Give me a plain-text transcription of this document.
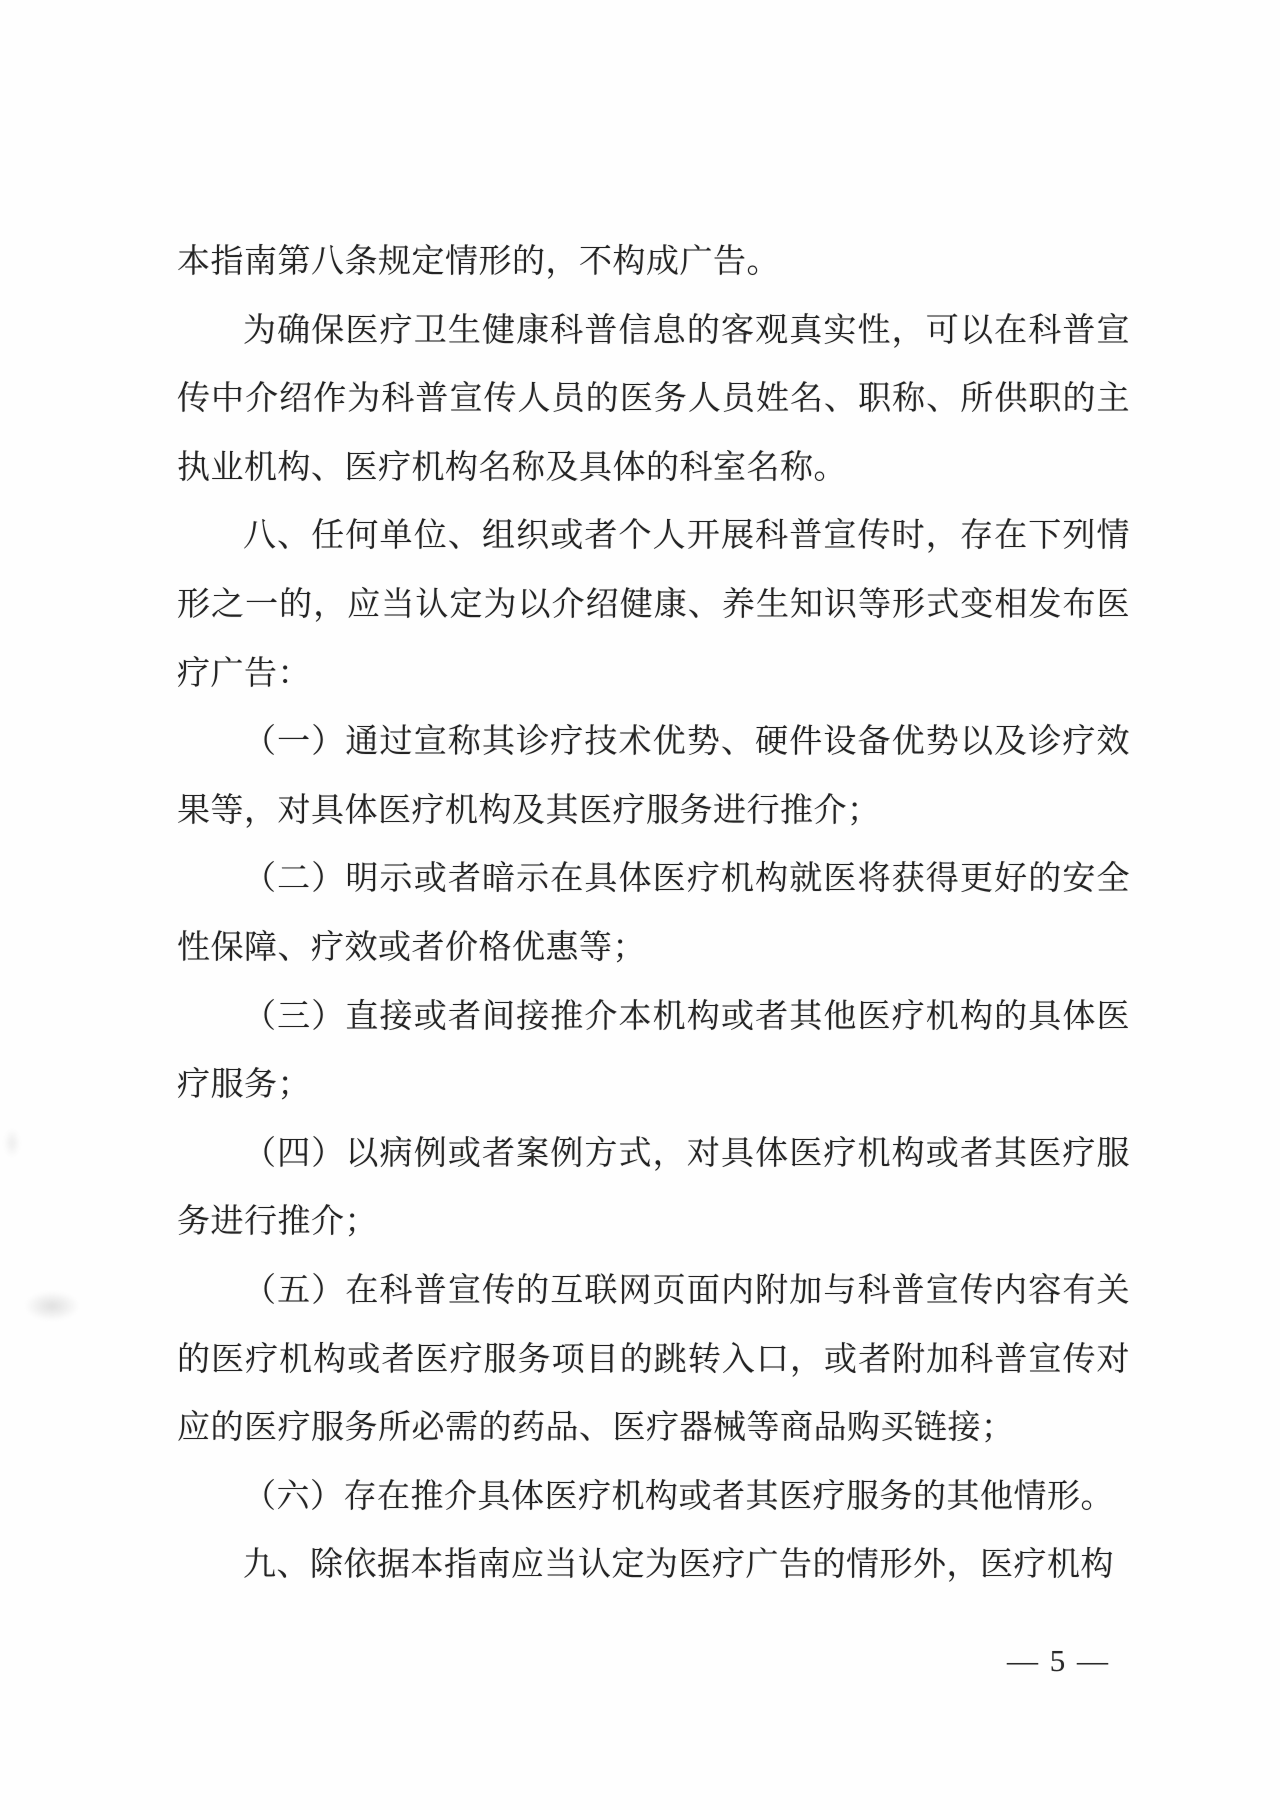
本指南第八条规定情形的，不构成广告。
为确保医疗卫生健康科普信息的客观真实性，可以在科普宣
传中介绍作为科普宣传人员的医务人员姓名、职称、所供职的主
执业机构、医疗机构名称及具体的科室名称。
八、任何单位、组织或者个人开展科普宣传时，存在下列情
形之一的，应当认定为以介绍健康、养生知识等形式变相发布医
疗广告：
（一）通过宣称其诊疗技术优势、硬件设备优势以及诊疗效
果等，对具体医疗机构及其医疗服务进行推介；
（二）明示或者暗示在具体医疗机构就医将获得更好的安全
性保障、疗效或者价格优惠等；
（三）直接或者间接推介本机构或者其他医疗机构的具体医
疗服务；
（四）以病例或者案例方式，对具体医疗机构或者其医疗服
务进行推介；
（五）在科普宣传的互联网页面内附加与科普宣传内容有关
的医疗机构或者医疗服务项目的跳转入口，或者附加科普宣传对
应的医疗服务所必需的药品、医疗器械等商品购买链接；
（六）存在推介具体医疗机构或者其医疗服务的其他情形。
九、除依据本指南应当认定为医疗广告的情形外，医疗机构
— 5 —
